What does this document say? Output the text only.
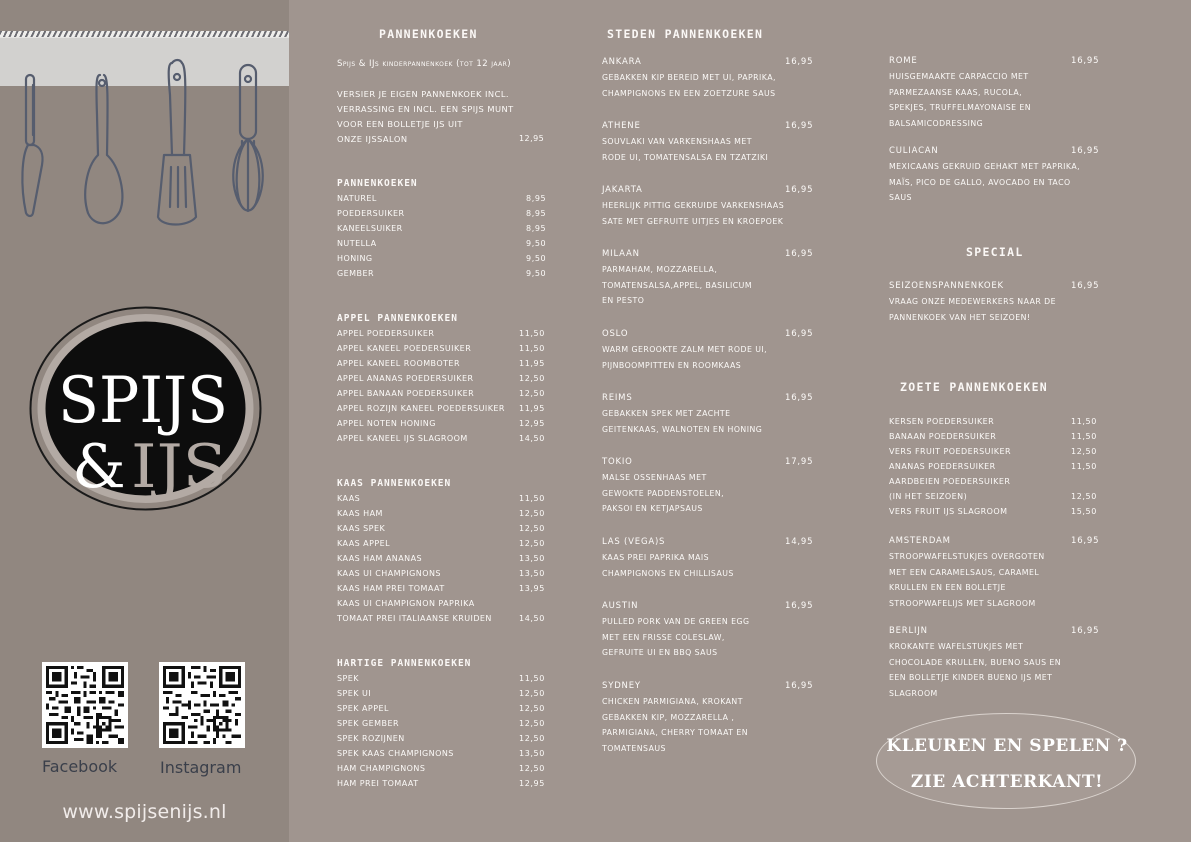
SPIJS
& IJS
Facebook	Instagram
www.spijsenijs.nl
PANNENKOEKEN
Spijs & IJs kinderpannenkoek (tot 12 jaar)
VERSIER JE EIGEN PANNENKOEK INCL.
VERRASSING EN INCL. EEN SPIJS MUNT
VOOR EEN BOLLETJE IJS UIT
ONZE IJSSALON	12,95
PANNENKOEKEN
NATUREL	8,95
POEDERSUIKER	8,95
KANEELSUIKER	8,95
NUTELLA	9,50
HONING	9,50
GEMBER	9,50
APPEL PANNENKOEKEN
APPEL POEDERSUIKER	11,50
APPEL KANEEL POEDERSUIKER	11,50
APPEL KANEEL ROOMBOTER	11,95
APPEL ANANAS POEDERSUIKER	12,50
APPEL BANAAN POEDERSUIKER	12,50
APPEL ROZIJN KANEEL POEDERSUIKER 11,95
APPEL NOTEN HONING	12,95
APPEL KANEEL IJS SLAGROOM	14,50
KAAS PANNENKOEKEN
KAAS	11,50
KAAS HAM	12,50
KAAS SPEK	12,50
KAAS APPEL	12,50
KAAS HAM ANANAS	13,50
KAAS UI CHAMPIGNONS	13,50
KAAS HAM PREI TOMAAT	13,95
KAAS UI CHAMPIGNON PAPRIKA
TOMAAT PREI ITALIAANSE KRUIDEN	14,50
HARTIGE PANNENKOEKEN
SPEK	11,50
SPEK UI	12,50
SPEK APPEL	12,50
SPEK GEMBER	12,50
SPEK ROZIJNEN	12,50
SPEK KAAS CHAMPIGNONS	13,50
HAM CHAMPIGNONS	12,50
HAM PREI TOMAAT	12,95
STEDEN PANNENKOEKEN
ANKARA	16,95
GEBAKKEN KIP BEREID MET UI, PAPRIKA,
CHAMPIGNONS EN EEN ZOETZURE SAUS
ATHENE	16,95
SOUVLAKI VAN VARKENSHAAS MET
RODE UI, TOMATENSALSA EN TZATZIKI
JAKARTA	16,95
HEERLIJK PITTIG GEKRUIDE VARKENSHAAS
SATE MET GEFRUITE UITJES EN KROEPOEK
MILAAN	16,95
PARMAHAM, MOZZARELLA,
TOMATENSALSA,APPEL, BASILICUM
EN PESTO
OSLO	16,95
WARM GEROOKTE ZALM MET RODE UI,
PIJNBOOMPITTEN EN ROOMKAAS
REIMS	16,95
GEBAKKEN SPEK MET ZACHTE
GEITENKAAS, WALNOTEN EN HONING
TOKIO	17,95
MALSE OSSENHAAS MET
GEWOKTE PADDENSTOELEN,
PAKSOI EN KETJAPSAUS
LAS (VEGA)S	14,95
KAAS PREI PAPRIKA MAIS
CHAMPIGNONS EN CHILLISAUS
AUSTIN	16,95
PULLED PORK VAN DE GREEN EGG
MET EEN FRISSE COLESLAW,
GEFRUITE UI EN BBQ SAUS
SYDNEY	16,95
CHICKEN PARMIGIANA, KROKANT
GEBAKKEN KIP, MOZZARELLA ,
PARMIGIANA, CHERRY TOMAAT EN
TOMATENSAUS
ROME	16,95
HUISGEMAAKTE CARPACCIO MET
PARMEZAANSE KAAS, RUCOLA,
SPEKJES, TRUFFELMAYONAISE EN
BALSAMICODRESSING
CULIACAN	16,95
MEXICAANS GEKRUID GEHAKT MET PAPRIKA,
MAÏS, PICO DE GALLO, AVOCADO EN TACO
SAUS
SPECIAL
SEIZOENSPANNENKOEK	16,95
VRAAG ONZE MEDEWERKERS NAAR DE
PANNENKOEK VAN HET SEIZOEN!
ZOETE PANNENKOEKEN
KERSEN POEDERSUIKER	11,50
BANAAN POEDERSUIKER	11,50
VERS FRUIT POEDERSUIKER	12,50
ANANAS POEDERSUIKER	11,50
AARDBEIEN POEDERSUIKER
(IN HET SEIZOEN)	12,50
VERS FRUIT IJS SLAGROOM	15,50
AMSTERDAM	16,95
STROOPWAFELSTUKJES OVERGOTEN
MET EEN CARAMELSAUS, CARAMEL
KRULLEN EN EEN BOLLETJE
STROOPWAFELIJS MET SLAGROOM
BERLIJN	16,95
KROKANTE WAFELSTUKJES MET
CHOCOLADE KRULLEN, BUENO SAUS EN
EEN BOLLETJE KINDER BUENO IJS MET
SLAGROOM
KLEUREN EN SPELEN ?
ZIE ACHTERKANT!
